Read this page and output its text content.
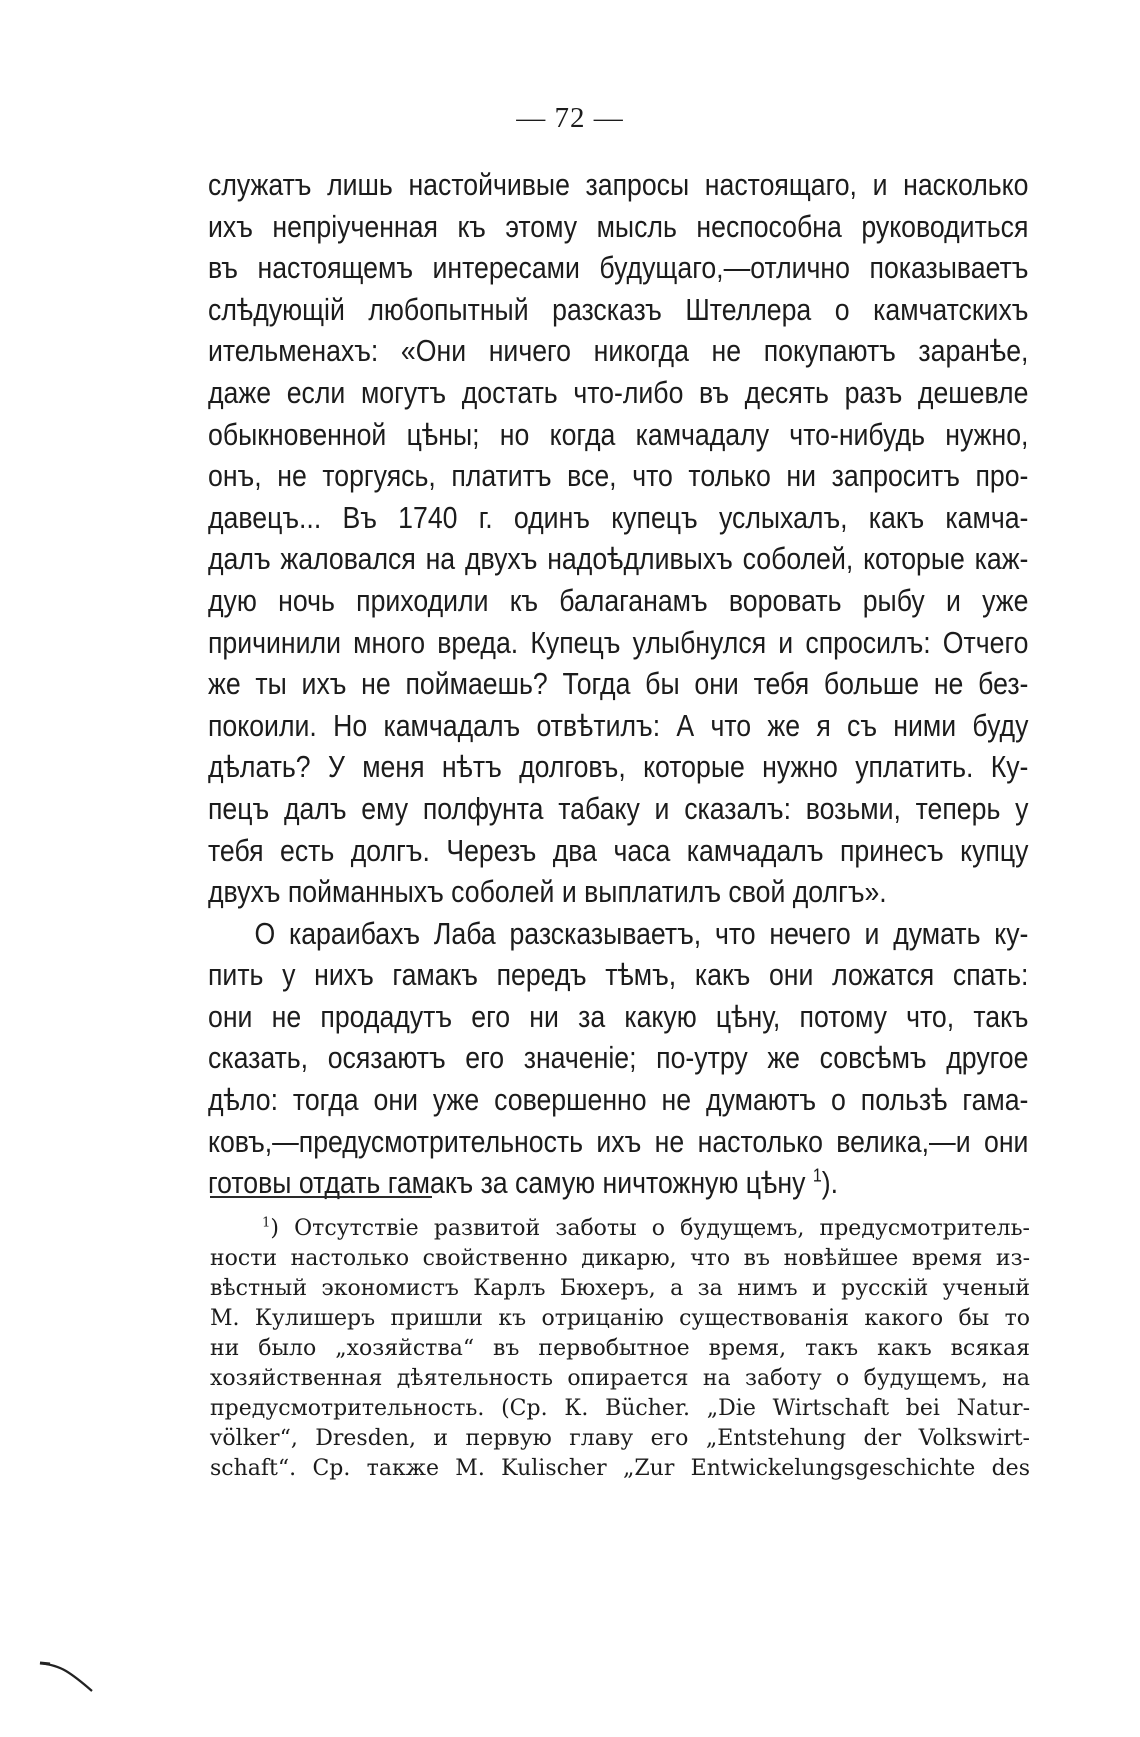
— 72 —
служатъ лишь настойчивые запросы настоящаго, и насколько
ихъ непріученная къ этому мысль неспособна руководиться
въ настоящемъ интересами будущаго,—отлично показываетъ
слѣдующій любопытный разсказъ Штеллера о камчатскихъ
ительменахъ: «Они ничего никогда не покупаютъ заранѣе,
даже если могутъ достать что-либо въ десять разъ дешевле
обыкновенной цѣны; но когда камчадалу что-нибудь нужно,
онъ, не торгуясь, платитъ все, что только ни запроситъ про-
давецъ... Въ 1740 г. одинъ купецъ услыхалъ, какъ камча-
далъ жаловался на двухъ надоѣдливыхъ соболей, которые каж-
дую ночь приходили къ балаганамъ воровать рыбу и уже
причинили много вреда. Купецъ улыбнулся и спросилъ: Отчего
же ты ихъ не поймаешь? Тогда бы они тебя больше не без-
покоили. Но камчадалъ отвѣтилъ: А что же я съ ними буду
дѣлать? У меня нѣтъ долговъ, которые нужно уплатить. Ку-
пецъ далъ ему полфунта табаку и сказалъ: возьми, теперь у
тебя есть долгъ. Черезъ два часа камчадалъ принесъ купцу
двухъ пойманныхъ соболей и выплатилъ свой долгъ».
О караибахъ Лаба разсказываетъ, что нечего и думать ку-
пить у нихъ гамакъ передъ тѣмъ, какъ они ложатся спать:
они не продадутъ его ни за какую цѣну, потому что, такъ
сказать, осязаютъ его значеніе; по-утру же совсѣмъ другое
дѣло: тогда они уже совершенно не думаютъ о пользѣ гама-
ковъ,—предусмотрительность ихъ не настолько велика,—и они
готовы отдать гамакъ за самую ничтожную цѣну $^1$).
$^1$) Отсутствіе развитой заботы о будущемъ, предусмотритель-
ности настолько свойственно дикарю, что въ новѣйшее время из-
вѣстный экономистъ Карлъ Бюхеръ, а за нимъ и русскій ученый
М. Кулишеръ пришли къ отрицанію существованія какого бы то
ни было „хозяйства“ въ первобытное время, такъ какъ всякая
хозяйственная дѣятельность опирается на заботу о будущемъ, на
предусмотрительность. (Ср. К. Bücher. „Die Wirtschaft bei Natur-
völker“, Dresden, и первую главу его „Entstehung der Volkswirt-
schaft“. Ср. также М. Kulischer „Zur Entwickelungsgeschichte des
